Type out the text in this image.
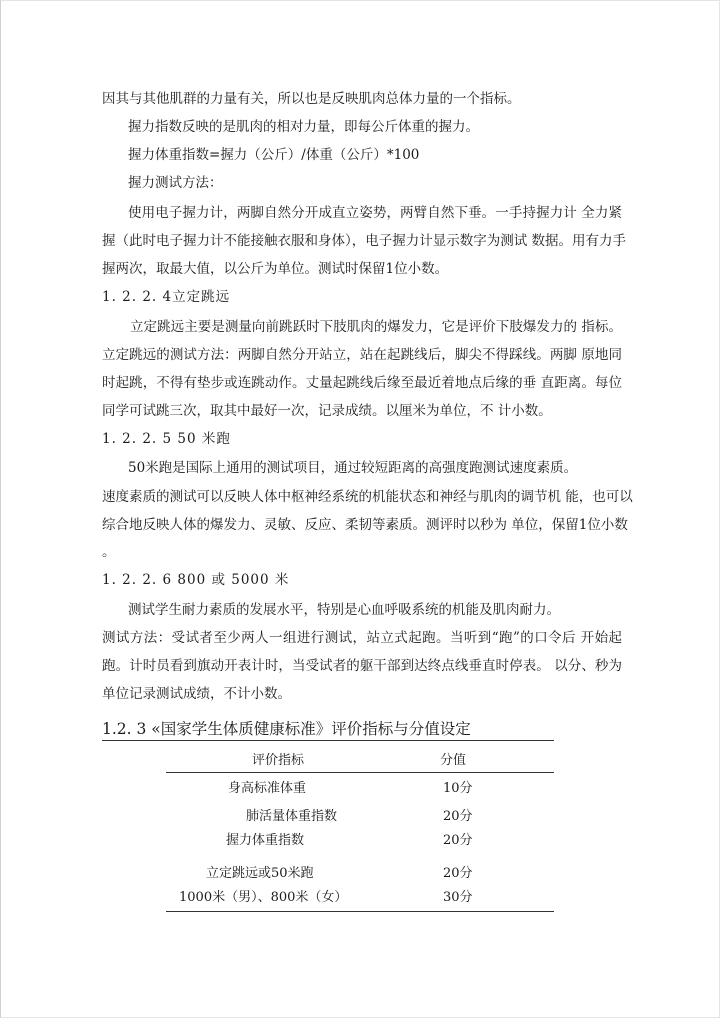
因其与其他肌群的力量有关，所以也是反映肌肉总体力量的一个指标。
握力指数反映的是肌肉的相对力量，即每公斤体重的握力。
握力体重指数=握力（公斤）/体重（公斤）*100
握力测试方法：
使用电子握力计，两脚自然分开成直立姿势，两臂自然下垂。一手持握力计 全力紧
握（此时电子握力计不能接触衣服和身体），电子握力计显示数字为测试 数据。用有力手
握两次，取最大值，以公斤为单位。测试时保留1位小数。
1. 2. 2. 4立定跳远
立定跳远主要是测量向前跳跃时下肢肌肉的爆发力，它是评价下肢爆发力的 指标。
立定跳远的测试方法：两脚自然分开站立，站在起跳线后，脚尖不得踩线。两脚 原地同
时起跳，不得有垫步或连跳动作。丈量起跳线后缘至最近着地点后缘的垂 直距离。每位
同学可试跳三次，取其中最好一次，记录成绩。以厘米为单位，不 计小数。
1. 2. 2. 5 50 米跑
50米跑是国际上通用的测试项目，通过较短距离的高强度跑测试速度素质。
速度素质的测试可以反映人体中枢神经系统的机能状态和神经与肌肉的调节机 能，也可以
综合地反映人体的爆发力、灵敏、反应、柔韧等素质。测评时以秒为 单位，保留1位小数
。
1. 2. 2. 6 800 或 5000 米
测试学生耐力素质的发展水平，特别是心血呼吸系统的机能及肌肉耐力。
测试方法：受试者至少两人一组进行测试，站立式起跑。当听到“跑”的口令后 开始起
跑。计时员看到旗动开表计时，当受试者的躯干部到达终点线垂直时停表。 以分、秒为
单位记录测试成绩，不计小数。
1.2. 3 «国家学生体质健康标准》评价指标与分值设定
评价指标	分值
身高标准体重	10分
肺活量体重指数	20分
握力体重指数	20分
立定跳远或50米跑	20分
1000米（男）、800米（女）	30分
